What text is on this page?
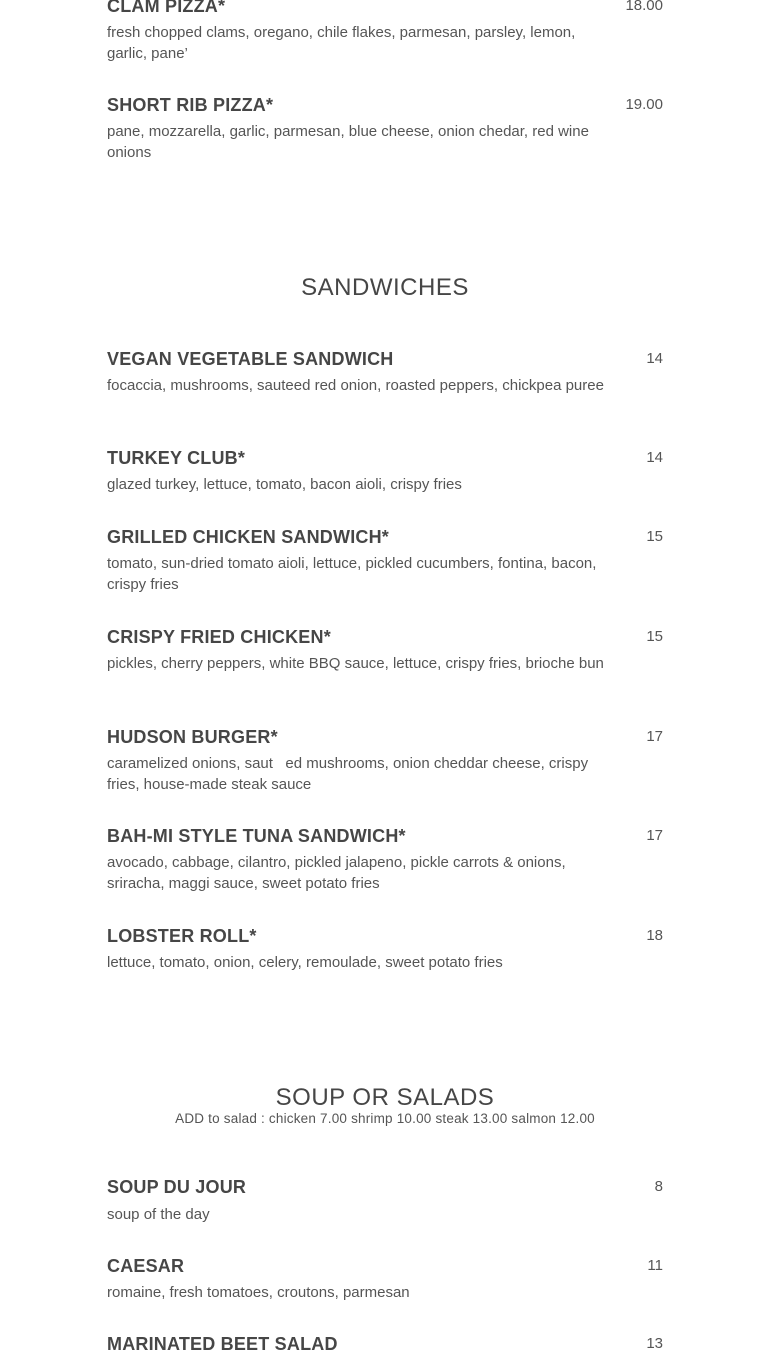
CLAM PIZZA*	18.00
fresh chopped clams, oregano, chile flakes, parmesan, parsley, lemon, garlic, pane’
SHORT RIB PIZZA*	19.00
pane, mozzarella, garlic, parmesan, blue cheese, onion chedar, red wine onions
SANDWICHES
VEGAN VEGETABLE SANDWICH	14
focaccia, mushrooms, sauteed red onion, roasted peppers, chickpea puree
TURKEY CLUB*	14
glazed turkey, lettuce, tomato, bacon aioli, crispy fries
GRILLED CHICKEN SANDWICH*	15
tomato, sun-dried tomato aioli, lettuce, pickled cucumbers, fontina, bacon, crispy fries
CRISPY FRIED CHICKEN*	15
pickles, cherry peppers, white BBQ sauce, lettuce, crispy fries, brioche bun
HUDSON BURGER*	17
caramelized onions, saut   ed mushrooms, onion cheddar cheese, crispy fries, house-made steak sauce
BAH-MI STYLE TUNA SANDWICH*	17
avocado, cabbage, cilantro, pickled jalapeno, pickle carrots & onions, sriracha, maggi sauce, sweet potato fries
LOBSTER ROLL*	18
lettuce, tomato, onion, celery, remoulade, sweet potato fries
SOUP OR SALADS
ADD to salad : chicken 7.00 shrimp 10.00 steak 13.00 salmon 12.00
SOUP DU JOUR	8
soup of the day
CAESAR	11
romaine, fresh tomatoes, croutons, parmesan
MARINATED BEET SALAD	13
